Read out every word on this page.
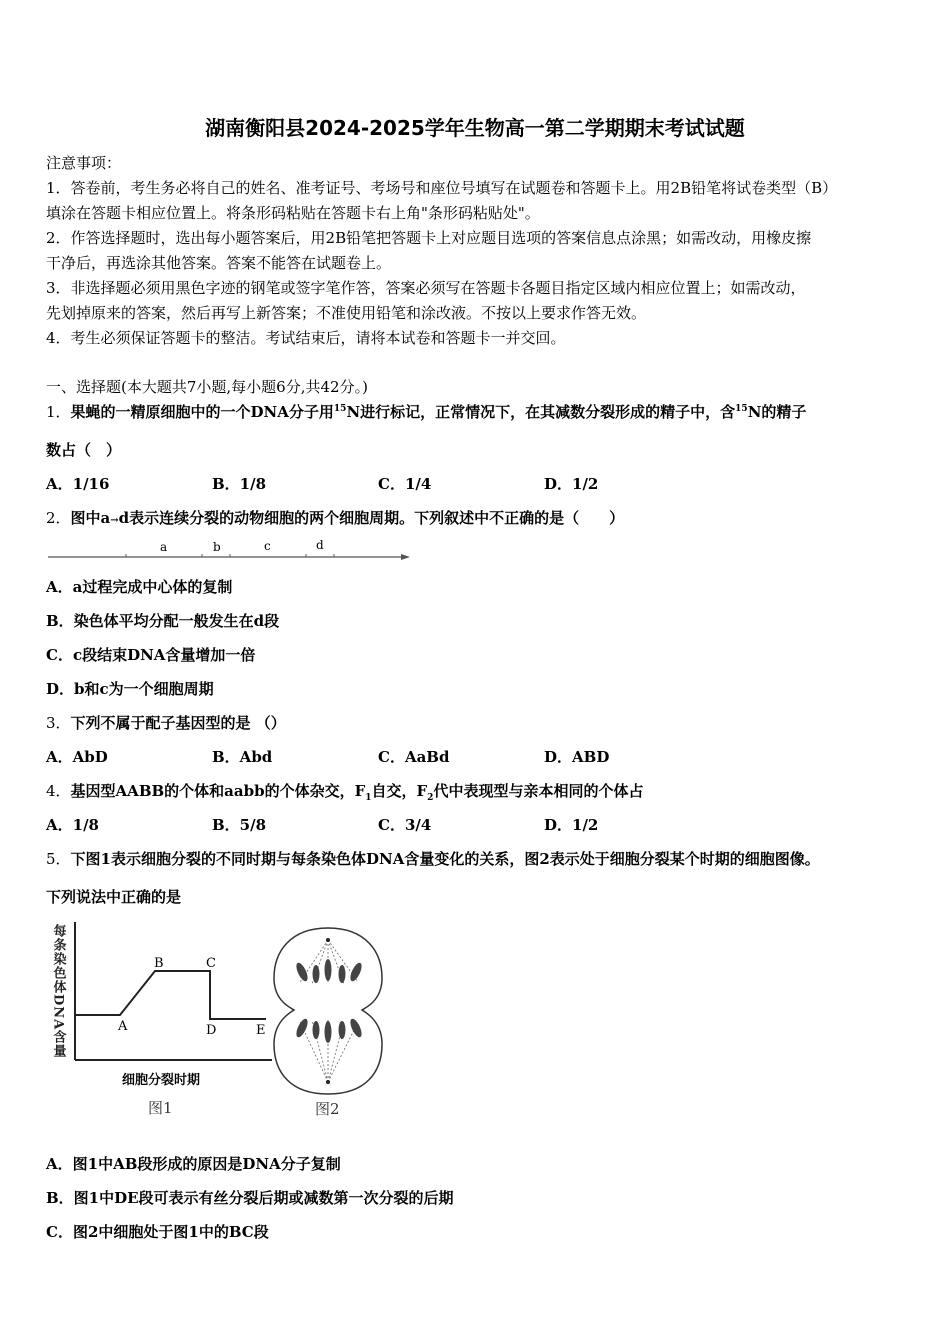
湖南衡阳县2024-2025学年生物高一第二学期期末考试试题
注意事项：
1．答卷前，考生务必将自己的姓名、准考证号、考场号和座位号填写在试题卷和答题卡上。用2B铅笔将试卷类型（B）
填涂在答题卡相应位置上。将条形码粘贴在答题卡右上角"条形码粘贴处"。
2．作答选择题时，选出每小题答案后，用2B铅笔把答题卡上对应题目选项的答案信息点涂黑；如需改动，用橡皮擦
干净后，再选涂其他答案。答案不能答在试题卷上。
3．非选择题必须用黑色字迹的钢笔或签字笔作答，答案必须写在答题卡各题目指定区域内相应位置上；如需改动，
先划掉原来的答案，然后再写上新答案；不准使用铅笔和涂改液。不按以上要求作答无效。
4．考生必须保证答题卡的整洁。考试结束后，请将本试卷和答题卡一并交回。
一、选择题(本大题共7小题,每小题6分,共42分。)
1．果蝇的一精原细胞中的一个DNA分子用$^{15}$N进行标记，正常情况下，在其减数分裂形成的精子中，含$^{15}$N的精子
数占（　）
A．1/16	B．1/8	C．1/4	D．1/2
2．图中a→d表示连续分裂的动物细胞的两个细胞周期。下列叙述中不正确的是（　　）
a	b	c	d
A．a过程完成中心体的复制
B．染色体平均分配一般发生在d段
C．c段结束DNA含量增加一倍
D．b和c为一个细胞周期
3．下列不属于配子基因型的是 （）
A．AbD	B．Abd	C．AaBd	D．ABD
4．基因型AABB的个体和aabb的个体杂交，$F_1$自交，$F_2$代中表现型与亲本相同的个体占
A．1/8	B．5/8	C．3/4	D．1/2
5．下图1表示细胞分裂的不同时期与每条染色体DNA含量变化的关系，图2表示处于细胞分裂某个时期的细胞图像。
下列说法中正确的是
每条染色体DNA含量	A
B	C
D	E
细胞分裂时期
图1	图2
A．图1中AB段形成的原因是DNA分子复制
B．图1中DE段可表示有丝分裂后期或减数第一次分裂的后期
C．图2中细胞处于图1中的BC段
